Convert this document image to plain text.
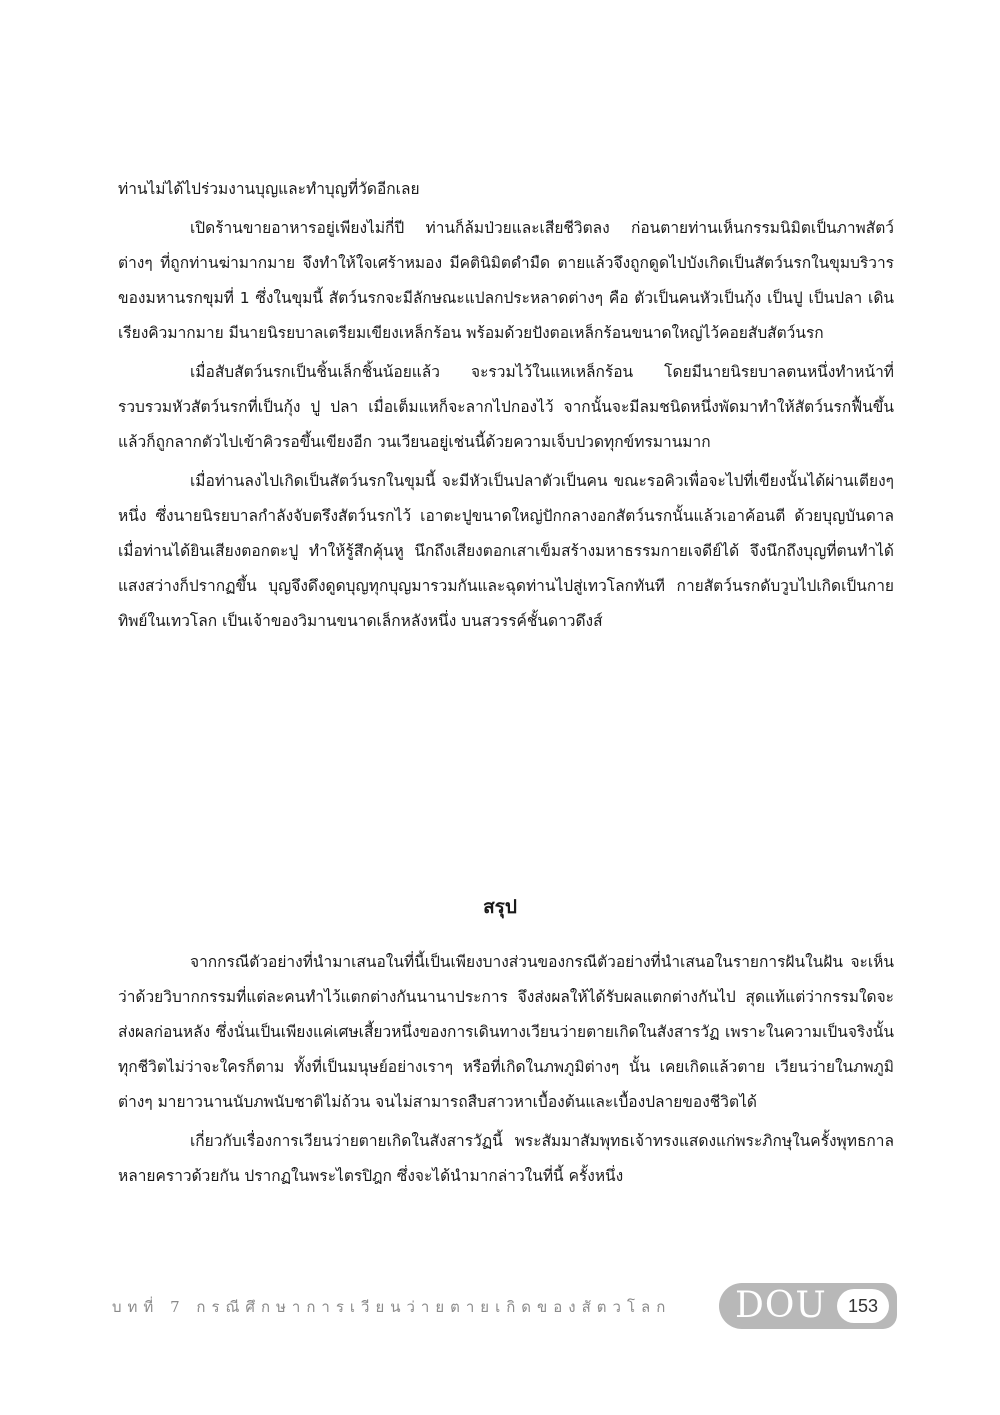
ท่านไม่ได้ไปร่วมงานบุญและทำบุญที่วัดอีกเลย

เปิดร้านขายอาหารอยู่เพียงไม่กี่ปี ท่านก็ล้มป่วยและเสียชีวิตลง ก่อนตายท่านเห็นกรรมนิมิตเป็นภาพสัตว์ต่างๆ ที่ถูกท่านฆ่ามากมาย จึงทำให้ใจเศร้าหมอง มีคตินิมิตดำมืด ตายแล้วจึงถูกดูดไปบังเกิดเป็นสัตว์นรกในขุมบริวารของมหานรกขุมที่ 1 ซึ่งในขุมนี้ สัตว์นรกจะมีลักษณะแปลกประหลาดต่างๆ คือ ตัวเป็นคนหัวเป็นกุ้ง เป็นปู เป็นปลา เดินเรียงคิวมากมาย มีนายนิรยบาลเตรียมเขียงเหล็กร้อน พร้อมด้วยปังตอเหล็กร้อนขนาดใหญ่ไว้คอยสับสัตว์นรก

เมื่อสับสัตว์นรกเป็นชิ้นเล็กชิ้นน้อยแล้ว จะรวมไว้ในแหเหล็กร้อน โดยมีนายนิรยบาลตนหนึ่งทำหน้าที่รวบรวมหัวสัตว์นรกที่เป็นกุ้ง ปู ปลา เมื่อเต็มแหก็จะลากไปกองไว้ จากนั้นจะมีลมชนิดหนึ่งพัดมาทำให้สัตว์นรกฟื้นขึ้น แล้วก็ถูกลากตัวไปเข้าคิวรอขึ้นเขียงอีก วนเวียนอยู่เช่นนี้ด้วยความเจ็บปวดทุกข์ทรมานมาก

เมื่อท่านลงไปเกิดเป็นสัตว์นรกในขุมนี้ จะมีหัวเป็นปลาตัวเป็นคน ขณะรอคิวเพื่อจะไปที่เขียงนั้นได้ผ่านเตียงๆ หนึ่ง ซึ่งนายนิรยบาลกำลังจับตรึงสัตว์นรกไว้ เอาตะปูขนาดใหญ่ปักกลางอกสัตว์นรกนั้นแล้วเอาค้อนตี ด้วยบุญบันดาล เมื่อท่านได้ยินเสียงตอกตะปู ทำให้รู้สึกคุ้นหู นึกถึงเสียงตอกเสาเข็มสร้างมหาธรรมกายเจดีย์ได้ จึงนึกถึงบุญที่ตนทำได้ แสงสว่างก็ปรากฏขึ้น บุญจึงดึงดูดบุญทุกบุญมารวมกันและฉุดท่านไปสู่เทวโลกทันที กายสัตว์นรกดับวูบไปเกิดเป็นกายทิพย์ในเทวโลก เป็นเจ้าของวิมานขนาดเล็กหลังหนึ่ง บนสวรรค์ชั้นดาวดึงส์

สรุป

จากกรณีตัวอย่างที่นำมาเสนอในที่นี้เป็นเพียงบางส่วนของกรณีตัวอย่างที่นำเสนอในรายการฝันในฝัน จะเห็นว่าด้วยวิบากกรรมที่แต่ละคนทำไว้แตกต่างกันนานาประการ จึงส่งผลให้ได้รับผลแตกต่างกันไป สุดแท้แต่ว่ากรรมใดจะส่งผลก่อนหลัง ซึ่งนั่นเป็นเพียงแค่เศษเสี้ยวหนึ่งของการเดินทางเวียนว่ายตายเกิดในสังสารวัฏ เพราะในความเป็นจริงนั้น ทุกชีวิตไม่ว่าจะใครก็ตาม ทั้งที่เป็นมนุษย์อย่างเราๆ หรือที่เกิดในภพภูมิต่างๆ นั้น เคยเกิดแล้วตาย เวียนว่ายในภพภูมิต่างๆ มายาวนานนับภพนับชาติไม่ถ้วน จนไม่สามารถสืบสาวหาเบื้องต้นและเบื้องปลายของชีวิตได้

เกี่ยวกับเรื่องการเวียนว่ายตายเกิดในสังสารวัฏนี้ พระสัมมาสัมพุทธเจ้าทรงแสดงแก่พระภิกษุในครั้งพุทธกาลหลายคราวด้วยกัน ปรากฏในพระไตรปิฎก ซึ่งจะได้นำมากล่าวในที่นี้ ครั้งหนึ่ง

บทที่ 7 กรณีศึกษาการเวียนว่ายตายเกิดของสัตวโลก DOU	153
